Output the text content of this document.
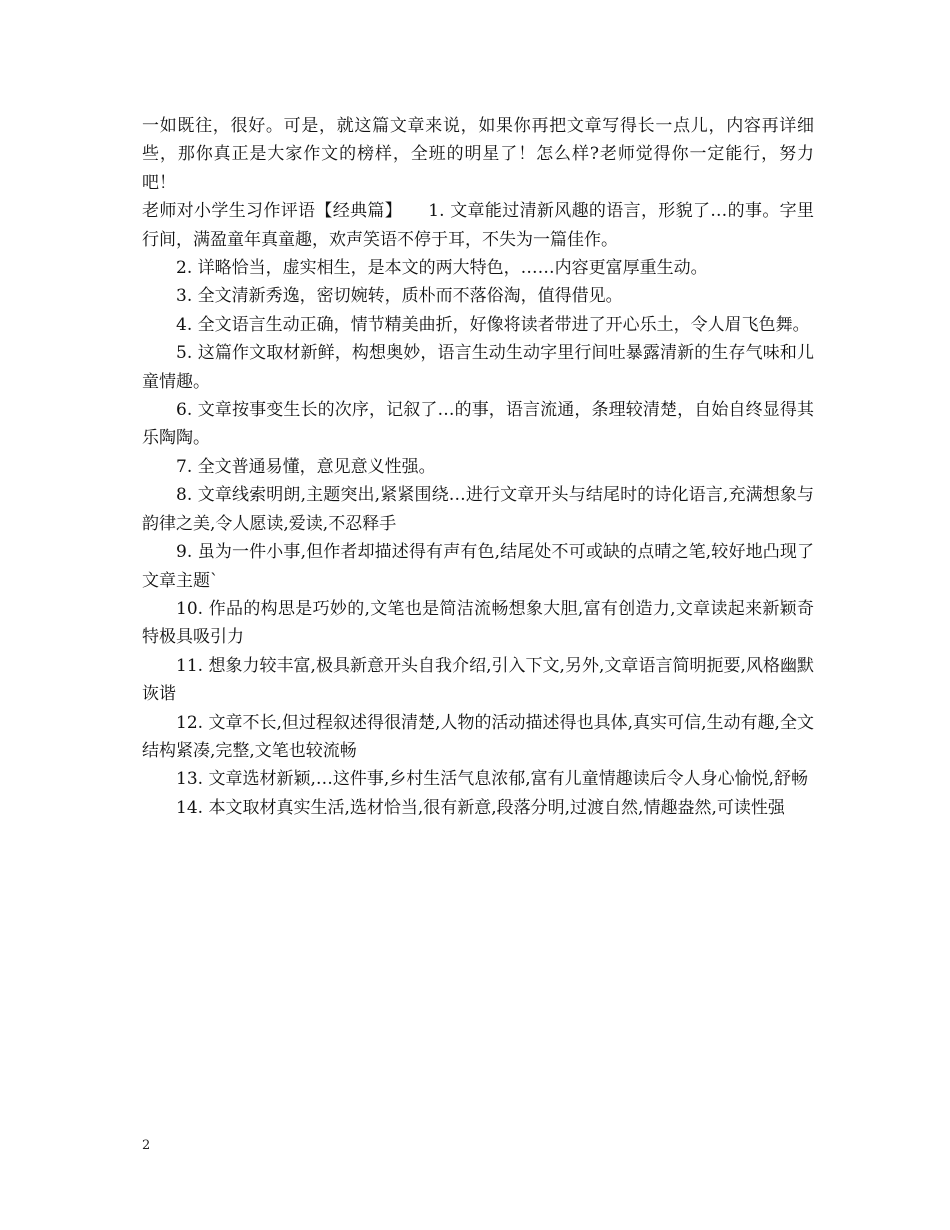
一如既往，很好。可是，就这篇文章来说，如果你再把文章写得长一点儿，内容再详细些，那你真正是大家作文的榜样，全班的明星了！怎么样?老师觉得你一定能行，努力吧！

老师对小学生习作评语【经典篇】　　1. 文章能过清新风趣的语言，形貌了…的事。字里行间，满盈童年真童趣，欢声笑语不停于耳，不失为一篇佳作。

2. 详略恰当，虚实相生，是本文的两大特色，……内容更富厚重生动。

3. 全文清新秀逸，密切婉转，质朴而不落俗淘，值得借见。

4. 全文语言生动正确，情节精美曲折，好像将读者带进了开心乐土，令人眉飞色舞。

5. 这篇作文取材新鲜，构想奥妙，语言生动生动字里行间吐暴露清新的生存气味和儿童情趣。

6. 文章按事变生长的次序，记叙了…的事，语言流通，条理较清楚，自始自终显得其乐陶陶。

7. 全文普通易懂，意见意义性强。

8. 文章线索明朗,主题突出,紧紧围绕…进行文章开头与结尾时的诗化语言,充满想象与韵律之美,令人愿读,爱读,不忍释手

9. 虽为一件小事,但作者却描述得有声有色,结尾处不可或缺的点晴之笔,较好地凸现了文章主题`

10. 作品的构思是巧妙的,文笔也是简洁流畅想象大胆,富有创造力,文章读起来新颖奇特极具吸引力

11. 想象力较丰富,极具新意开头自我介绍,引入下文,另外,文章语言简明扼要,风格幽默诙谐

12. 文章不长,但过程叙述得很清楚,人物的活动描述得也具体,真实可信,生动有趣,全文结构紧凑,完整,文笔也较流畅

13. 文章选材新颖,…这件事,乡村生活气息浓郁,富有儿童情趣读后令人身心愉悦,舒畅

14. 本文取材真实生活,选材恰当,很有新意,段落分明,过渡自然,情趣盎然,可读性强

2
